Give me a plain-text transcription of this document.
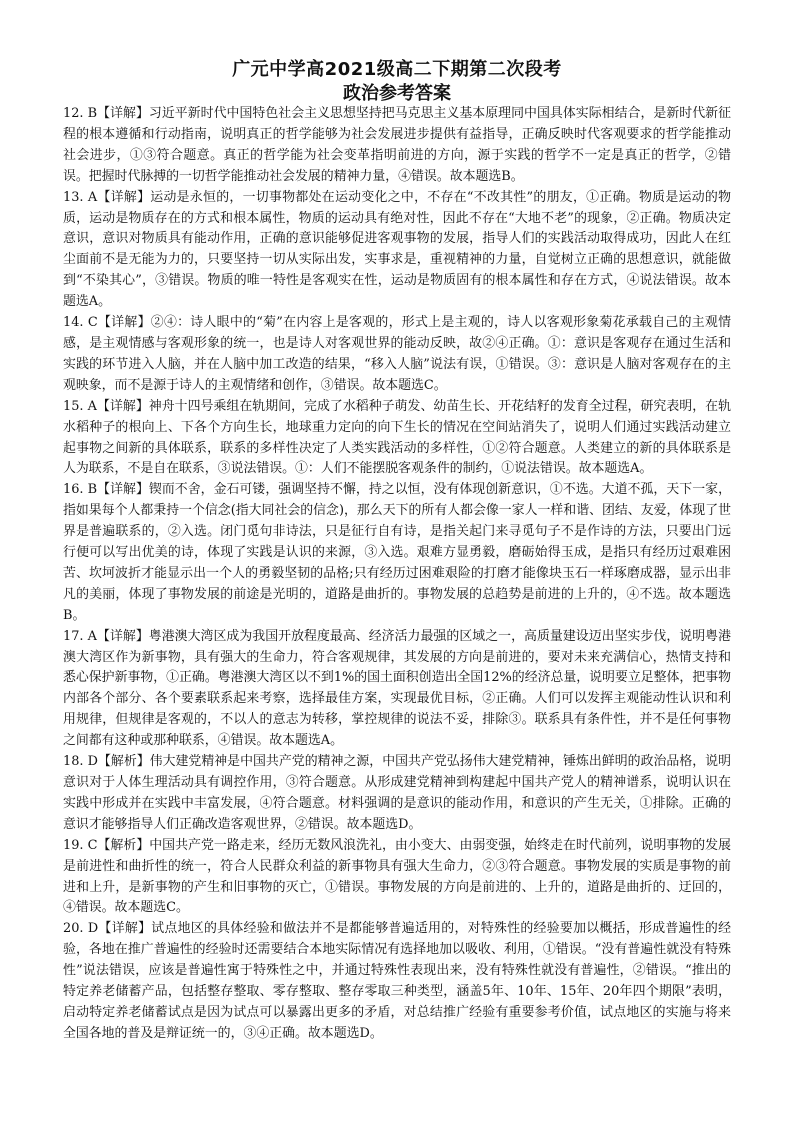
广元中学高2021级高二下期第二次段考
政治参考答案

12. B【详解】习近平新时代中国特色社会主义思想坚持把马克思主义基本原理同中国具体实际相结合，是新时代新征程的根本遵循和行动指南，说明真正的哲学能够为社会发展进步提供有益指导，正确反映时代客观要求的哲学能推动社会进步，①③符合题意。真正的哲学能为社会变革指明前进的方向，源于实践的哲学不一定是真正的哲学，②错误。把握时代脉搏的一切哲学能推动社会发展的精神力量，④错误。故本题选B。

13. A【详解】运动是永恒的，一切事物都处在运动变化之中，不存在“不改其性”的朋友，①正确。物质是运动的物质，运动是物质存在的方式和根本属性，物质的运动具有绝对性，因此不存在“大地不老”的现象，②正确。物质决定意识，意识对物质具有能动作用，正确的意识能够促进客观事物的发展，指导人们的实践活动取得成功，因此人在红尘面前不是无能为力的，只要坚持一切从实际出发，实事求是，重视精神的力量，自觉树立正确的思想意识，就能做到“不染其心”，③错误。物质的唯一特性是客观实在性，运动是物质固有的根本属性和存在方式，④说法错误。故本题选A。

14. C【详解】②④：诗人眼中的“菊”在内容上是客观的，形式上是主观的，诗人以客观形象菊花承载自己的主观情感，是主观情感与客观形象的统一，也是诗人对客观世界的能动反映，故②④正确。①：意识是客观存在通过生活和实践的环节进入人脑，并在人脑中加工改造的结果，“移入人脑”说法有误，①错误。③：意识是人脑对客观存在的主观映象，而不是源于诗人的主观情绪和创作，③错误。故本题选C。

15. A【详解】神舟十四号乘组在轨期间，完成了水稻种子萌发、幼苗生长、开花结籽的发育全过程，研究表明，在轨水稻种子的根向上、下各个方向生长，地球重力定向的向下生长的情况在空间站消失了，说明人们通过实践活动建立起事物之间新的具体联系，联系的多样性决定了人类实践活动的多样性，①②符合题意。人类建立的新的具体联系是人为联系，不是自在联系，③说法错误。①：人们不能摆脱客观条件的制约，①说法错误。故本题选A。

16. B【详解】锲而不舍，金石可镂，强调坚持不懈，持之以恒，没有体现创新意识，①不选。大道不孤，天下一家，指如果每个人都秉持一个信念(指大同社会的信念)，那么天下的所有人都会像一家人一样和谐、团结、友爱，体现了世界是普遍联系的，②入选。闭门觅句非诗法，只是征行自有诗，是指关起门来寻觅句子不是作诗的方法，只要出门远行便可以写出优美的诗，体现了实践是认识的来源，③入选。艰难方显勇毅，磨砺始得玉成，是指只有经历过艰难困苦、坎坷波折才能显示出一个人的勇毅坚韧的品格;只有经历过困难艰险的打磨才能像块玉石一样琢磨成器，显示出非凡的美丽，体现了事物发展的前途是光明的，道路是曲折的。事物发展的总趋势是前进的上升的，④不选。故本题选B。

17. A【详解】粤港澳大湾区成为我国开放程度最高、经济活力最强的区域之一，高质量建设迈出坚实步伐，说明粤港澳大湾区作为新事物，具有强大的生命力，符合客观规律，其发展的方向是前进的，要对未来充满信心，热情支持和悉心保护新事物，①正确。粤港澳大湾区以不到1%的国土面积创造出全国12%的经济总量，说明要立足整体，把事物内部各个部分、各个要素联系起来考察，选择最佳方案，实现最优目标，②正确。人们可以发挥主观能动性认识和利用规律，但规律是客观的，不以人的意志为转移，掌控规律的说法不妥，排除③。联系具有条件性，并不是任何事物之间都有这种或那种联系，④错误。故本题选A。

18. D【解析】伟大建党精神是中国共产党的精神之源，中国共产党弘扬伟大建党精神，锤炼出鲜明的政治品格，说明意识对于人体生理活动具有调控作用，③符合题意。从形成建党精神到构建起中国共产党人的精神谱系，说明认识在实践中形成并在实践中丰富发展，④符合题意。材料强调的是意识的能动作用，和意识的产生无关，①排除。正确的意识才能够指导人们正确改造客观世界，②错误。故本题选D。

19. C【解析】中国共产党一路走来，经历无数风浪洗礼，由小变大、由弱变强，始终走在时代前列，说明事物的发展是前进性和曲折性的统一，符合人民群众利益的新事物具有强大生命力，②③符合题意。事物发展的实质是事物的前进和上升，是新事物的产生和旧事物的灭亡，①错误。事物发展的方向是前进的、上升的，道路是曲折的、迂回的，④错误。故本题选C。

20. D【详解】试点地区的具体经验和做法并不是都能够普遍适用的，对特殊性的经验要加以概括，形成普遍性的经验，各地在推广普遍性的经验时还需要结合本地实际情况有选择地加以吸收、利用，①错误。“没有普遍性就没有特殊性”说法错误，应该是普遍性寓于特殊性之中，并通过特殊性表现出来，没有特殊性就没有普遍性，②错误。“推出的特定养老储蓄产品，包括整存整取、零存整取、整存零取三种类型，涵盖5年、10年、15年、20年四个期限”表明，启动特定养老储蓄试点是因为试点可以暴露出更多的矛盾，对总结推广经验有重要参考价值，试点地区的实施与将来全国各地的普及是辩证统一的，③④正确。故本题选D。
